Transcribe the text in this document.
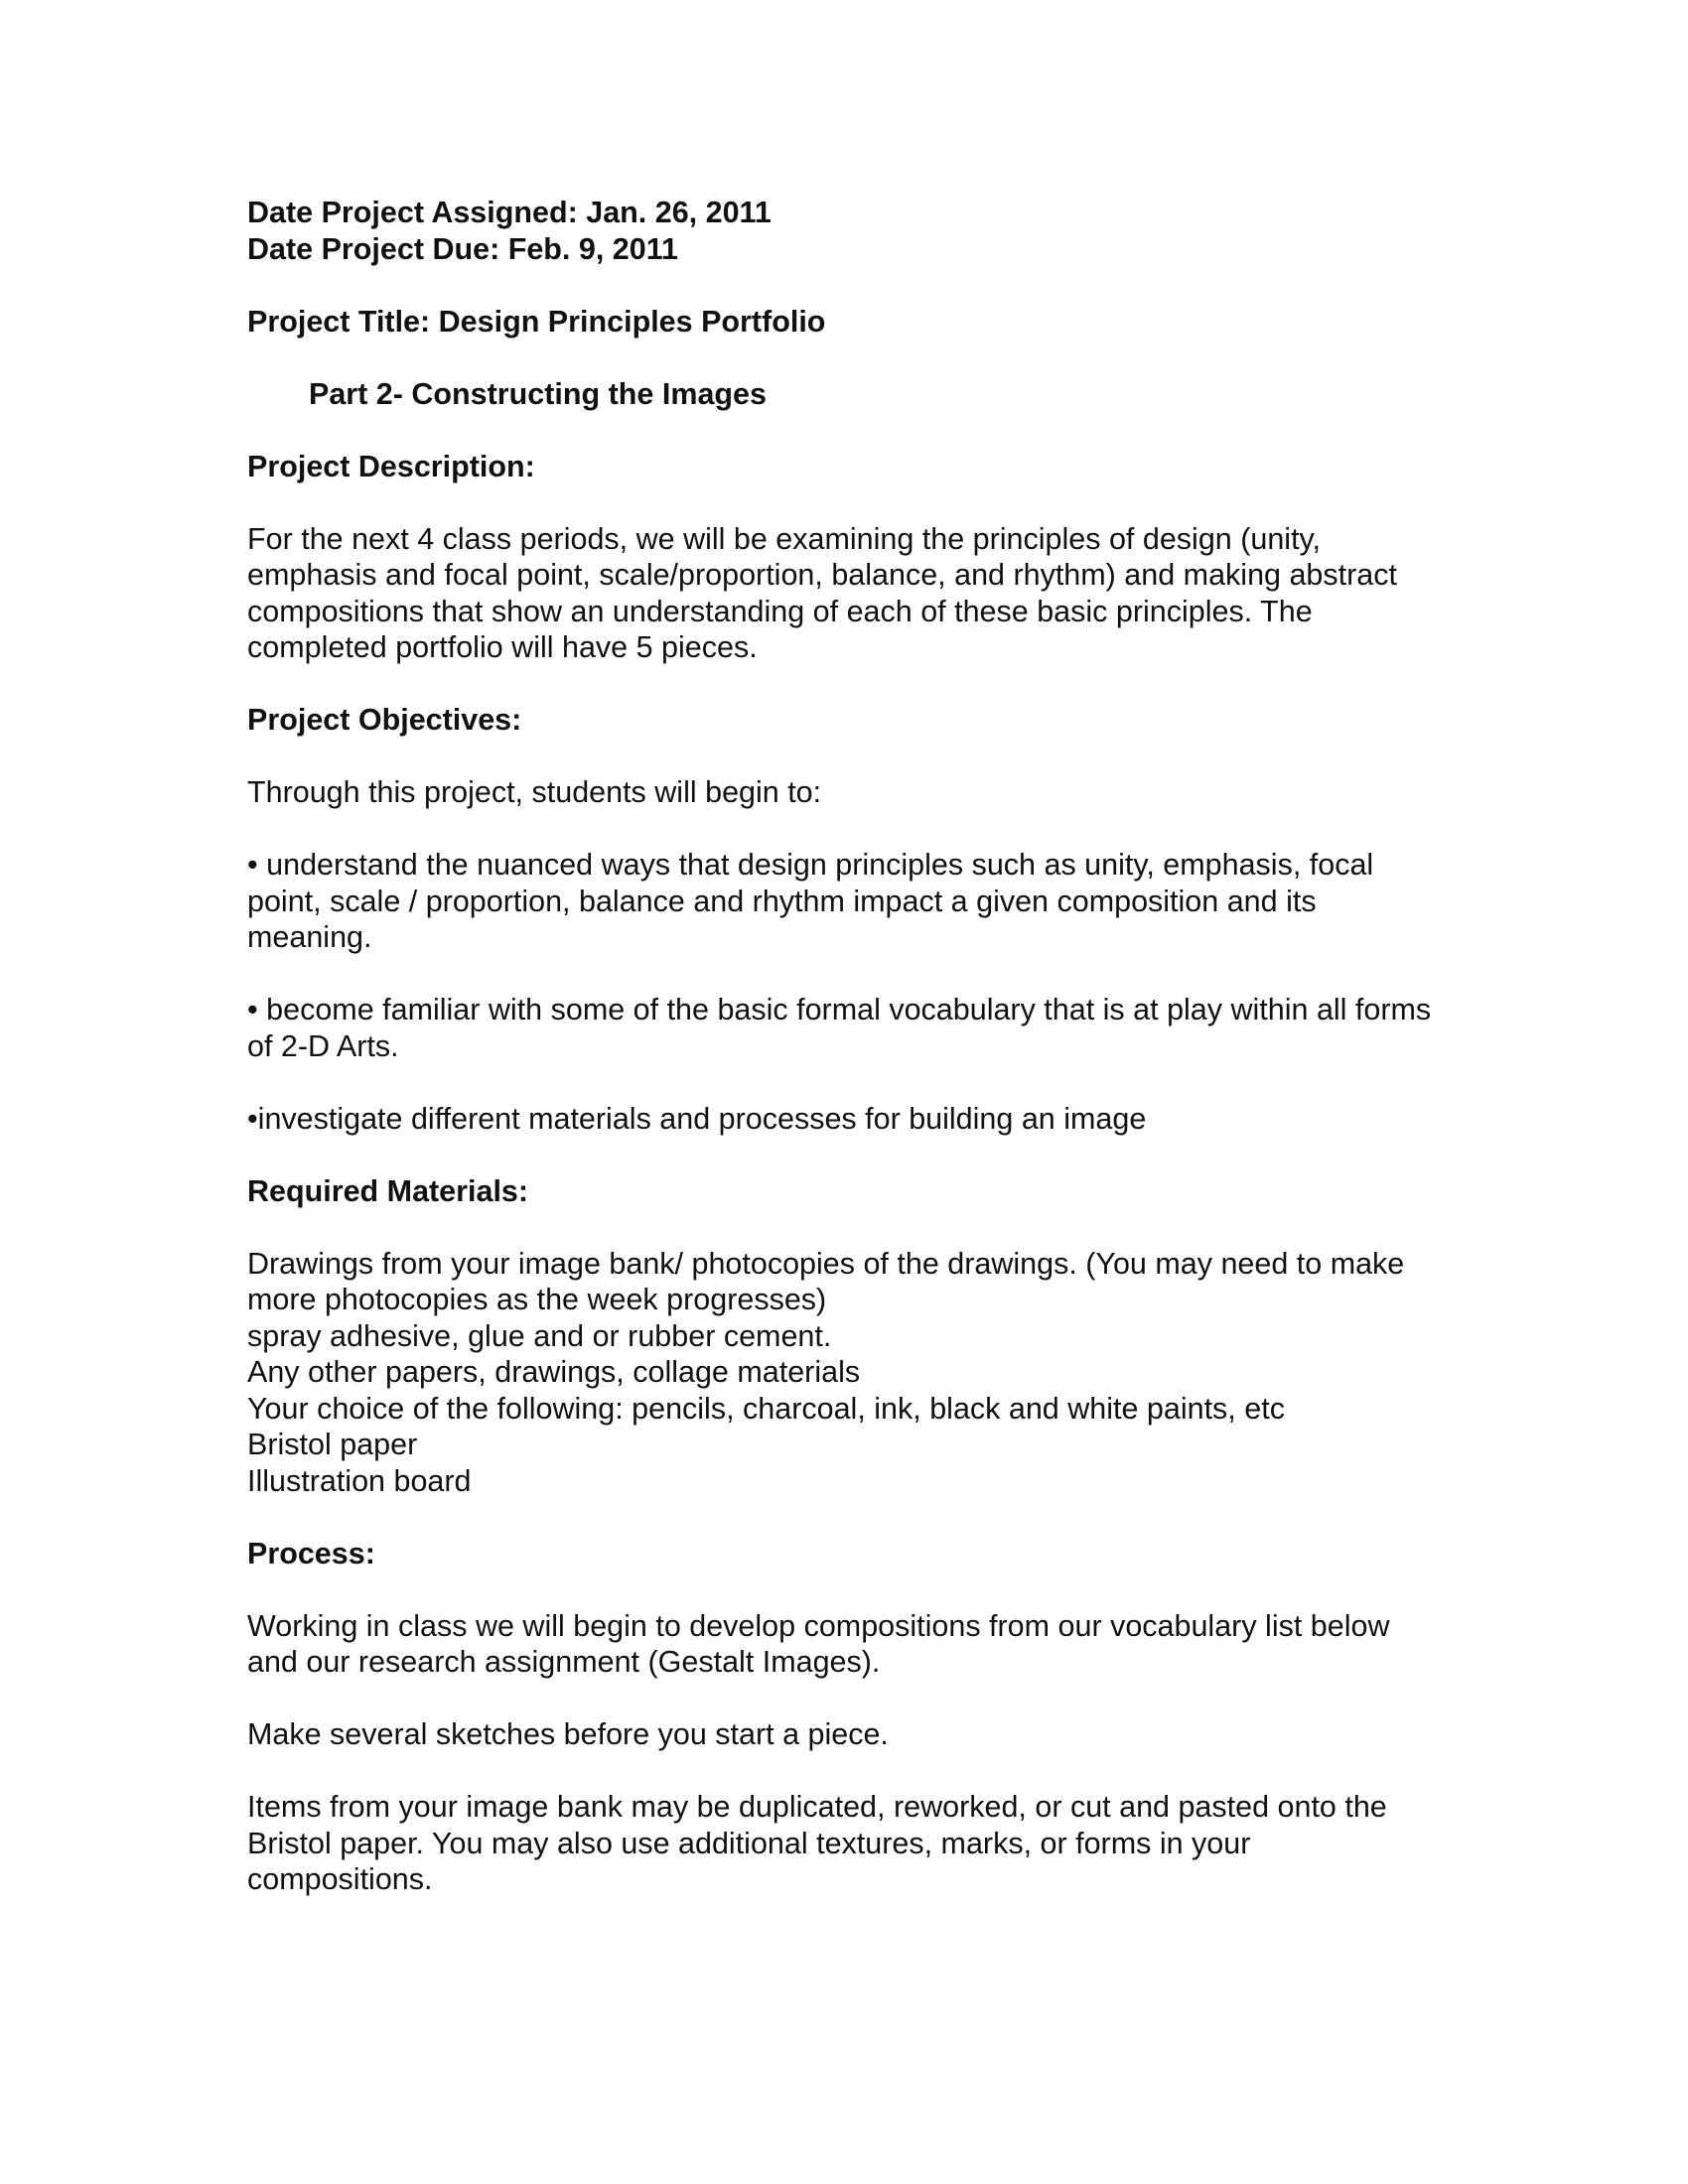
Date Project Assigned: Jan. 26, 2011
Date Project Due: Feb. 9, 2011
Project Title: Design Principles Portfolio
Part 2- Constructing the Images
Project Description:
For the next 4 class periods, we will be examining the principles of design (unity,
emphasis and focal point, scale/proportion, balance, and rhythm) and making abstract
compositions that show an understanding of each of these basic principles. The
completed portfolio will have 5 pieces.
Project Objectives:
Through this project, students will begin to:
• understand the nuanced ways that design principles such as unity, emphasis, focal
point, scale / proportion, balance and rhythm impact a given composition and its
meaning.
• become familiar with some of the basic formal vocabulary that is at play within all forms
of 2-D Arts.
•investigate different materials and processes for building an image
Required Materials:
Drawings from your image bank/ photocopies of the drawings. (You may need to make
more photocopies as the week progresses)
spray adhesive, glue and or rubber cement.
Any other papers, drawings, collage materials
Your choice of the following: pencils, charcoal, ink, black and white paints, etc
Bristol paper
Illustration board
Process:
Working in class we will begin to develop compositions from our vocabulary list below
and our research assignment (Gestalt Images).
Make several sketches before you start a piece.
Items from your image bank may be duplicated, reworked, or cut and pasted onto the
Bristol paper. You may also use additional textures, marks, or forms in your
compositions.
